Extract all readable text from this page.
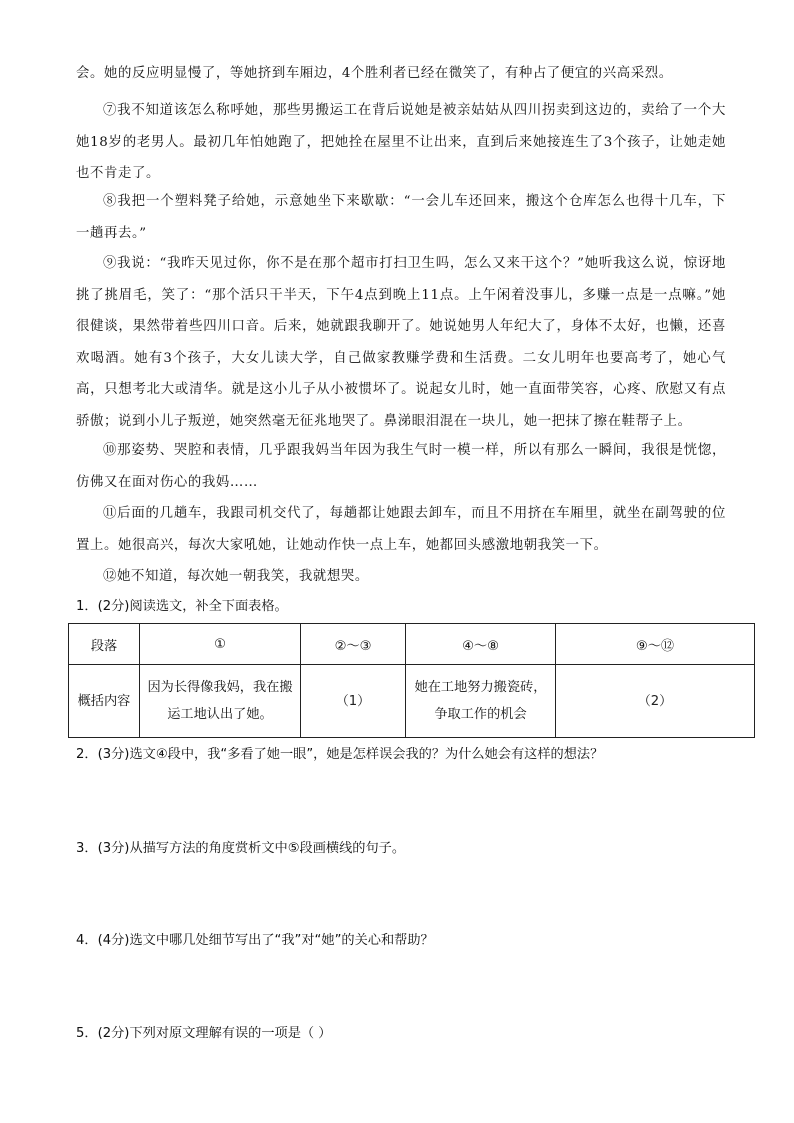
会。她的反应明显慢了，等她挤到车厢边，4个胜利者已经在微笑了，有种占了便宜的兴高采烈。

⑦我不知道该怎么称呼她，那些男搬运工在背后说她是被亲姑姑从四川拐卖到这边的，卖给了一个大她18岁的老男人。最初几年怕她跑了，把她拴在屋里不让出来，直到后来她接连生了3个孩子，让她走她也不肯走了。

⑧我把一个塑料凳子给她，示意她坐下来歇歇：“一会儿车还回来，搬这个仓库怎么也得十几车，下一趟再去。”

⑨我说：“我昨天见过你，你不是在那个超市打扫卫生吗，怎么又来干这个？”她听我这么说，惊讶地挑了挑眉毛，笑了：“那个活只干半天，下午4点到晚上11点。上午闲着没事儿，多赚一点是一点嘛。”她很健谈，果然带着些四川口音。后来，她就跟我聊开了。她说她男人年纪大了，身体不太好，也懒，还喜欢喝酒。她有3个孩子，大女儿读大学，自己做家教赚学费和生活费。二女儿明年也要高考了，她心气高，只想考北大或清华。就是这小儿子从小被惯坏了。说起女儿时，她一直面带笑容，心疼、欣慰又有点骄傲；说到小儿子叛逆，她突然毫无征兆地哭了。鼻涕眼泪混在一块儿，她一把抹了擦在鞋帮子上。

⑩那姿势、哭腔和表情，几乎跟我妈当年因为我生气时一模一样，所以有那么一瞬间，我很是恍惚，仿佛又在面对伤心的我妈……

⑪后面的几趟车，我跟司机交代了，每趟都让她跟去卸车，而且不用挤在车厢里，就坐在副驾驶的位置上。她很高兴，每次大家吼她，让她动作快一点上车，她都回头感激地朝我笑一下。

⑫她不知道，每次她一朝我笑，我就想哭。

1．(2分)阅读选文，补全下面表格。
段落	①	②～③	④～⑧	⑨～⑫
概括内容	因为长得像我妈，我在搬运工地认出了她。	（1）	她在工地努力搬瓷砖，争取工作的机会	（2）
2．(3分)选文④段中，我“多看了她一眼”，她是怎样误会我的？为什么她会有这样的想法？
3．(3分)从描写方法的角度赏析文中⑤段画横线的句子。
4．(4分)选文中哪几处细节写出了“我”对“她”的关心和帮助？
5．(2分)下列对原文理解有误的一项是（ ）
